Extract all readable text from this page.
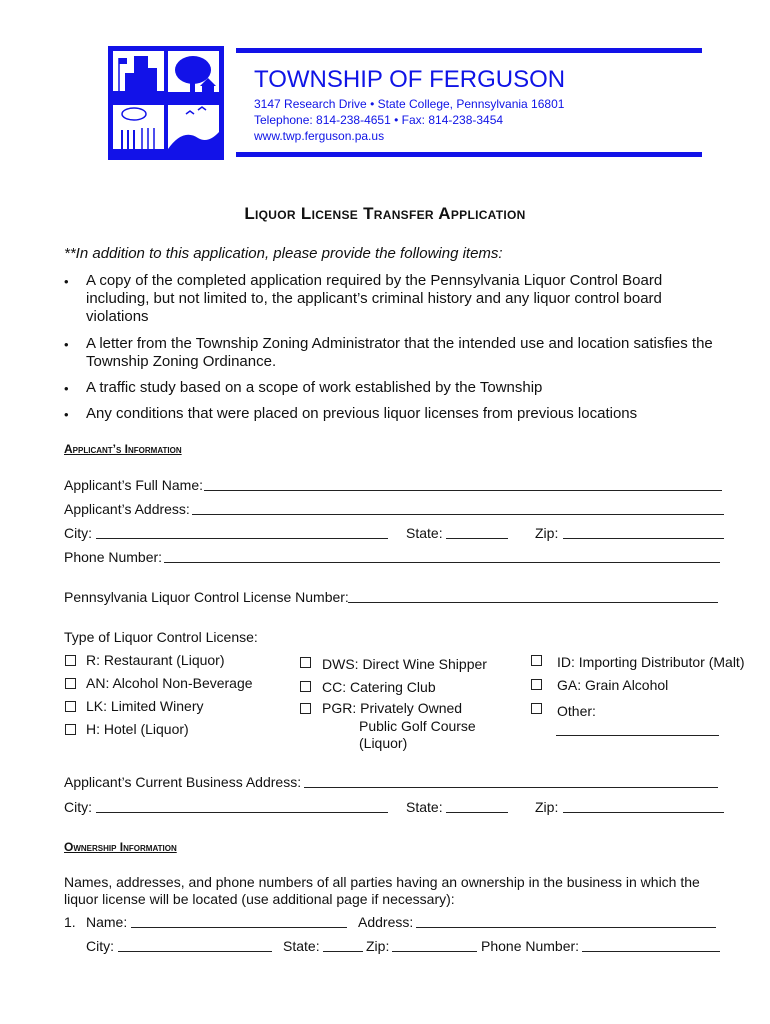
TOWNSHIP OF FERGUSON
3147 Research Drive • State College, Pennsylvania 16801
Telephone: 814-238-4651 • Fax: 814-238-3454
www.twp.ferguson.pa.us
Liquor License Transfer Application
**In addition to this application, please provide the following items:
• A copy of the completed application required by the Pennsylvania Liquor Control Board including, but not limited to, the applicant’s criminal history and any liquor control board violations
• A letter from the Township Zoning Administrator that the intended use and location satisfies the Township Zoning Ordinance.
• A traffic study based on a scope of work established by the Township
• Any conditions that were placed on previous liquor licenses from previous locations
Applicant’s Information
Applicant’s Full Name:
Applicant’s Address:
City:	State:	Zip:
Phone Number:
Pennsylvania Liquor Control License Number:
Type of Liquor Control License:
R: Restaurant (Liquor)
AN: Alcohol Non-Beverage
LK: Limited Winery
H: Hotel (Liquor)
DWS: Direct Wine Shipper
CC: Catering Club
PGR: Privately Owned
Public Golf Course
(Liquor)
ID: Importing Distributor (Malt)
GA: Grain Alcohol
Other:
Applicant’s Current Business Address:
City:	State:	Zip:
Ownership Information
Names, addresses, and phone numbers of all parties having an ownership in the business in which the liquor license will be located (use additional page if necessary):
1. Name:	Address:
City:	State:	Zip:	Phone Number:
